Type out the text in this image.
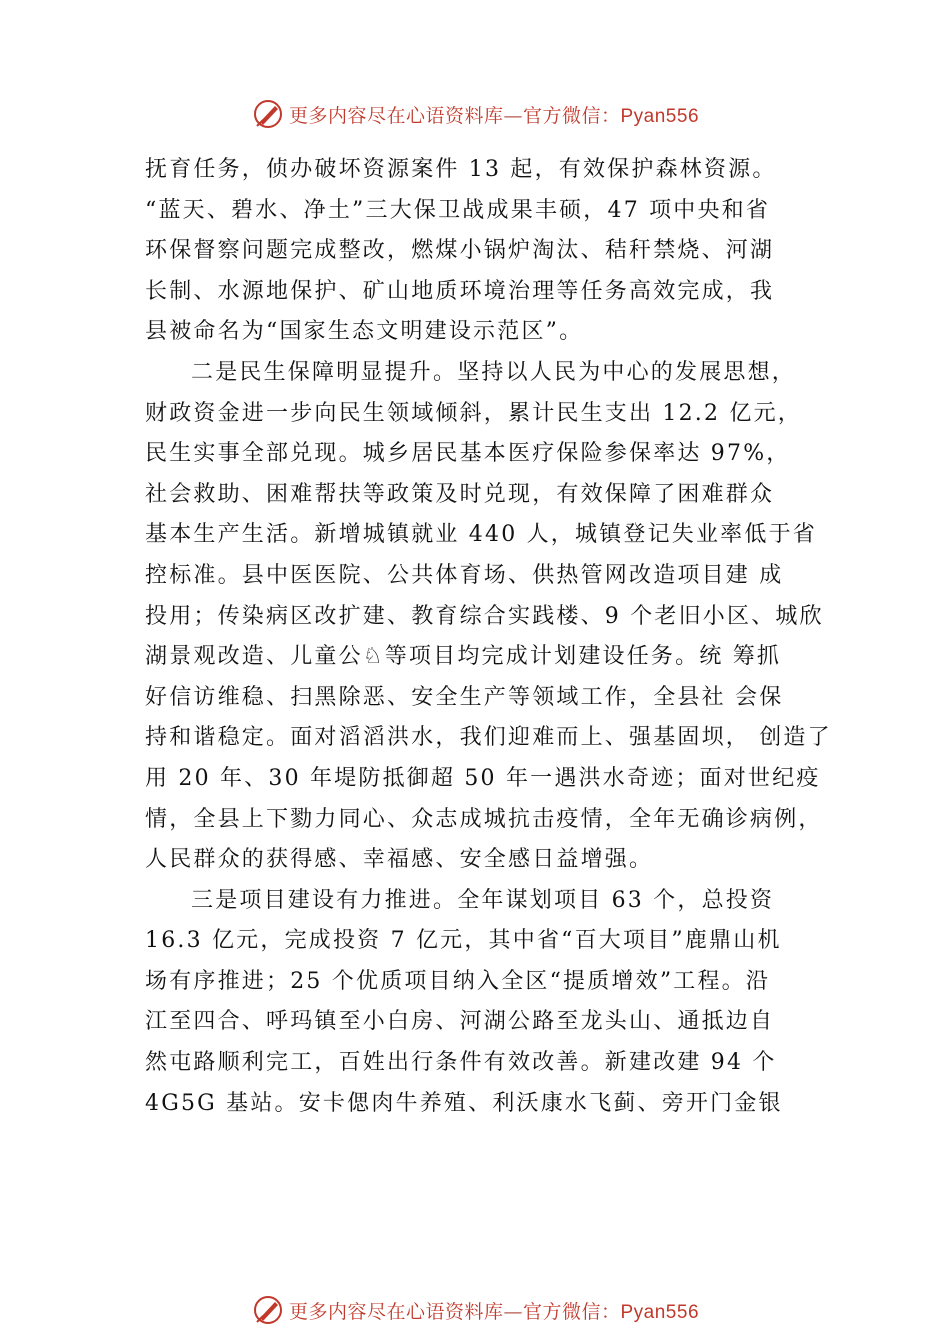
更多内容尽在心语资料库—官方微信：Pyan556
抚育任务，侦办破坏资源案件 13 起，有效保护森林资源。
“蓝天、碧水、净土”三大保卫战成果丰硕，47 项中央和省
环保督察问题完成整改，燃煤小锅炉淘汰、秸秆禁烧、河湖
长制、水源地保护、矿山地质环境治理等任务高效完成，我
县被命名为“国家生态文明建设示范区”。
二是民生保障明显提升。坚持以人民为中心的发展思想，
财政资金进一步向民生领域倾斜，累计民生支出 12.2 亿元，
民生实事全部兑现。城乡居民基本医疗保险参保率达 97%，
社会救助、困难帮扶等政策及时兑现，有效保障了困难群众
基本生产生活。新增城镇就业 440 人，城镇登记失业率低于省
控标准。县中医医院、公共体育场、供热管网改造项目建 成
投用；传染病区改扩建、教育综合实践楼、9 个老旧小区、城欣
湖景观改造、儿童公♘等项目均完成计划建设任务。统 筹抓
好信访维稳、扫黑除恶、安全生产等领域工作，全县社 会保
持和谐稳定。面对滔滔洪水，我们迎难而上、强基固坝， 创造了
用 20 年、30 年堤防抵御超 50 年一遇洪水奇迹；面对世纪疫
情，全县上下勠力同心、众志成城抗击疫情，全年无确诊病例，
人民群众的获得感、幸福感、安全感日益增强。
三是项目建设有力推进。全年谋划项目 63 个，总投资
16.3 亿元，完成投资 7 亿元，其中省“百大项目”鹿鼎山机
场有序推进；25 个优质项目纳入全区“提质增效”工程。沿
江至四合、呼玛镇至小白房、河湖公路至龙头山、通抵边自
然屯路顺利完工，百姓出行条件有效改善。新建改建 94 个
4G5G 基站。安卡偲肉牛养殖、利沃康水飞蓟、旁开门金银
更多内容尽在心语资料库—官方微信：Pyan556
